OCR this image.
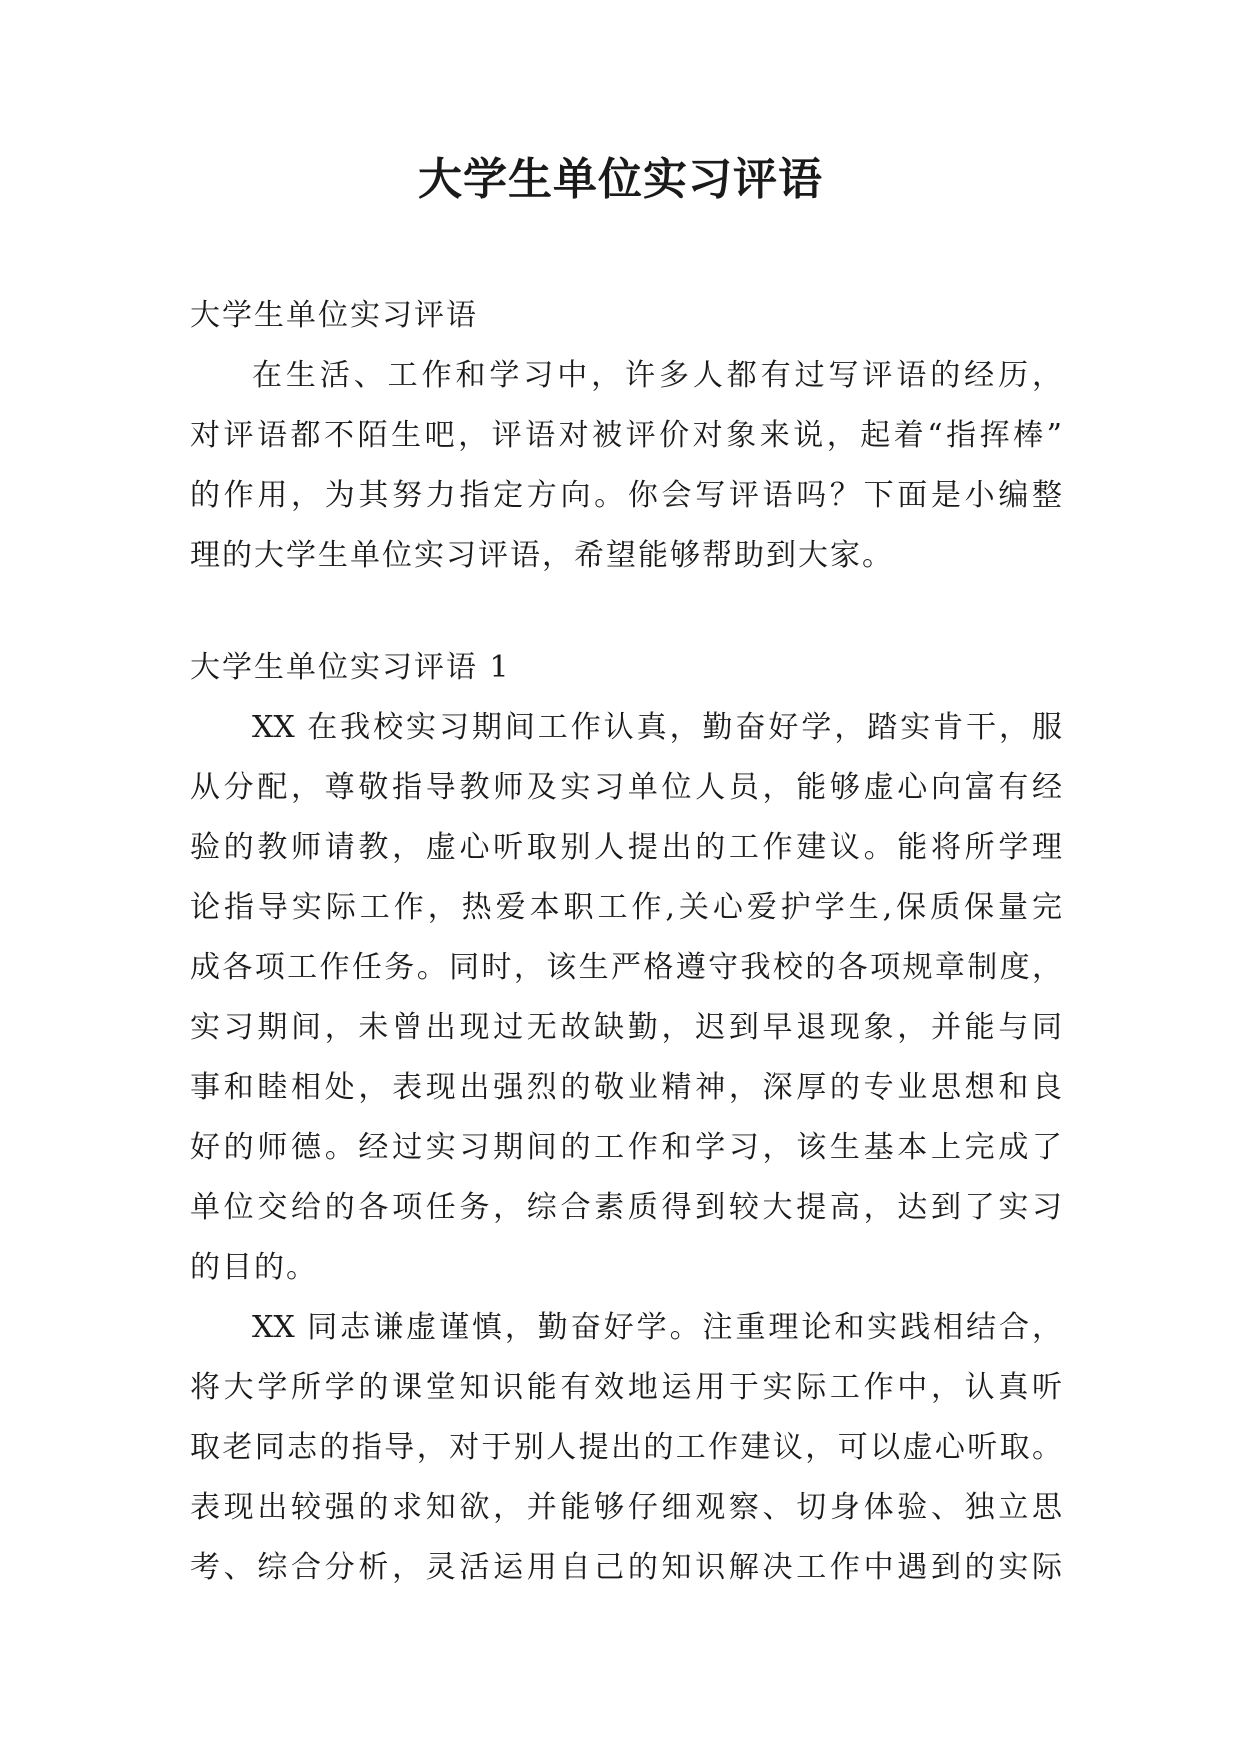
大学生单位实习评语

大学生单位实习评语

在生活、工作和学习中，许多人都有过写评语的经历，

对评语都不陌生吧，评语对被评价对象来说，起着“指挥棒”

的作用，为其努力指定方向。你会写评语吗？下面是小编整

理的大学生单位实习评语，希望能够帮助到大家。

大学生单位实习评语 1

XX 在我校实习期间工作认真，勤奋好学，踏实肯干，服

从分配，尊敬指导教师及实习单位人员，能够虚心向富有经

验的教师请教，虚心听取别人提出的工作建议。能将所学理

论指导实际工作，热爱本职工作,关心爱护学生,保质保量完

成各项工作任务。同时，该生严格遵守我校的各项规章制度，

实习期间，未曾出现过无故缺勤，迟到早退现象，并能与同

事和睦相处，表现出强烈的敬业精神，深厚的专业思想和良

好的师德。经过实习期间的工作和学习，该生基本上完成了

单位交给的各项任务，综合素质得到较大提高，达到了实习

的目的。

XX 同志谦虚谨慎，勤奋好学。注重理论和实践相结合，

将大学所学的课堂知识能有效地运用于实际工作中，认真听

取老同志的指导，对于别人提出的工作建议，可以虚心听取。

表现出较强的求知欲，并能够仔细观察、切身体验、独立思

考、综合分析，灵活运用自己的知识解决工作中遇到的实际
